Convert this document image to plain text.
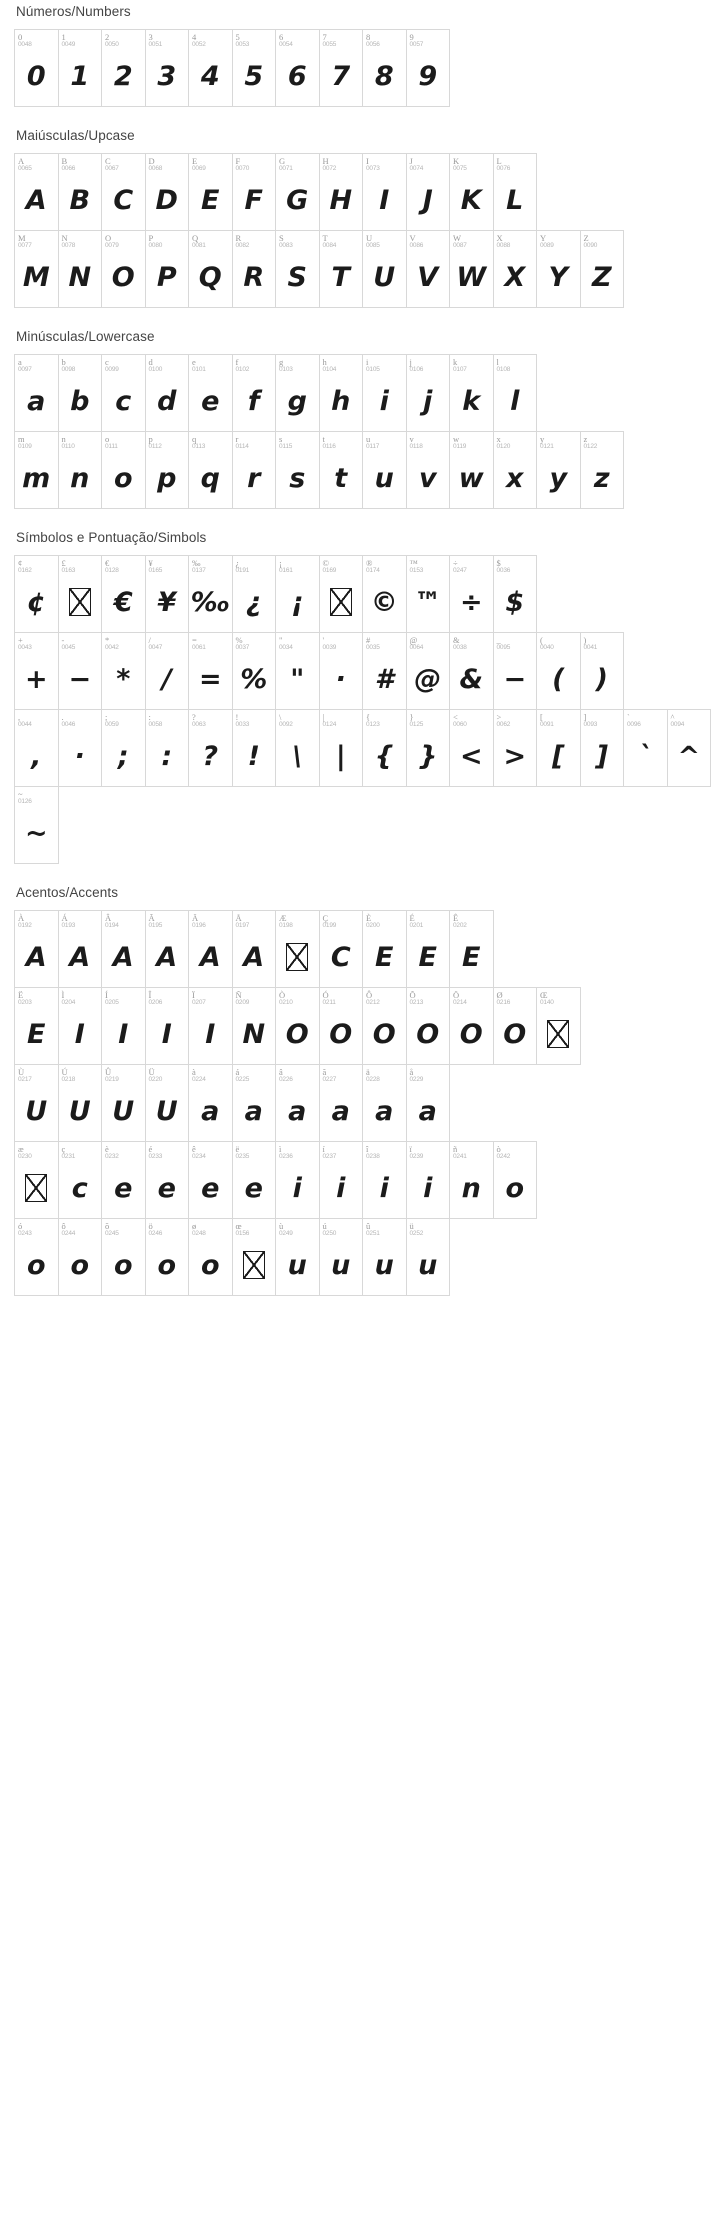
Números/Numbers
0
0048
0
1
0049
1
2
0050
2
3
0051
3
4
0052
4
5
0053
5
6
0054
6
7
0055
7
8
0056
8
9
0057
9
Maiúsculas/Upcase
A
0065
A
B
0066
B
C
0067
C
D
0068
D
E
0069
E
F
0070
F
G
0071
G
H
0072
H
I
0073
I
J
0074
J
K
0075
K
L
0076
L
M
0077
M
N
0078
N
O
0079
O
P
0080
P
Q
0081
Q
R
0082
R
S
0083
S
T
0084
T
U
0085
U
V
0086
V
W
0087
W
X
0088
X
Y
0089
Y
Z
0090
Z
Minúsculas/Lowercase
a
0097
a
b
0098
b
c
0099
c
d
0100
d
e
0101
e
f
0102
f
g
0103
g
h
0104
h
i
0105
i
j
0106
j
k
0107
k
l
0108
l
m
0109
m
n
0110
n
o
0111
o
p
0112
p
q
0113
q
r
0114
r
s
0115
s
t
0116
t
u
0117
u
v
0118
v
w
0119
w
x
0120
x
y
0121
y
z
0122
z
Símbolos e Pontuação/Simbols
¢
0162
¢
£
0163
€
0128
€
¥
0165
¥
‰
0137
‰
¿
0191
¿
¡
0161
¡
©
0169
®
0174
©
™
0153
™
÷
0247
÷
$
0036
$
+
0043
+
-
0045
−
*
0042
*
/
0047
/
=
0061
=
%
0037
%
"
0034
"
'
0039
·
#
0035
#
@
0064
@
&
0038
&
_
0095
−
(
0040
(
)
0041
)
,
0044
,
.
0046
·
;
0059
;
:
0058
:
?
0063
?
!
0033
!
\
0092
\
|
0124
|
{
0123
{
}
0125
}
<
0060
<
>
0062
>
[
0091
[
]
0093
]
`
0096
`
^
0094
^
~
0126
~
Acentos/Accents
À
0192
A
Á
0193
A
Â
0194
A
Ã
0195
A
Ä
0196
A
Å
0197
A
Æ
0198
Ç
0199
C
È
0200
E
É
0201
E
Ê
0202
E
Ë
0203
E
Ì
0204
I
Í
0205
I
Î
0206
I
Ï
0207
I
Ñ
0209
N
Ò
0210
O
Ó
0211
O
Ô
0212
O
Õ
0213
O
Ö
0214
O
Ø
0216
O
Œ
0140
Ù
0217
U
Ú
0218
U
Û
0219
U
Ü
0220
U
à
0224
a
á
0225
a
â
0226
a
ã
0227
a
ä
0228
a
å
0229
a
æ
0230
ç
0231
c
è
0232
e
é
0233
e
ê
0234
e
ë
0235
e
ì
0236
i
í
0237
i
î
0238
i
ï
0239
i
ñ
0241
n
ò
0242
o
ó
0243
o
ô
0244
o
õ
0245
o
ö
0246
o
ø
0248
o
œ
0156
ù
0249
u
ú
0250
u
û
0251
u
ü
0252
u
